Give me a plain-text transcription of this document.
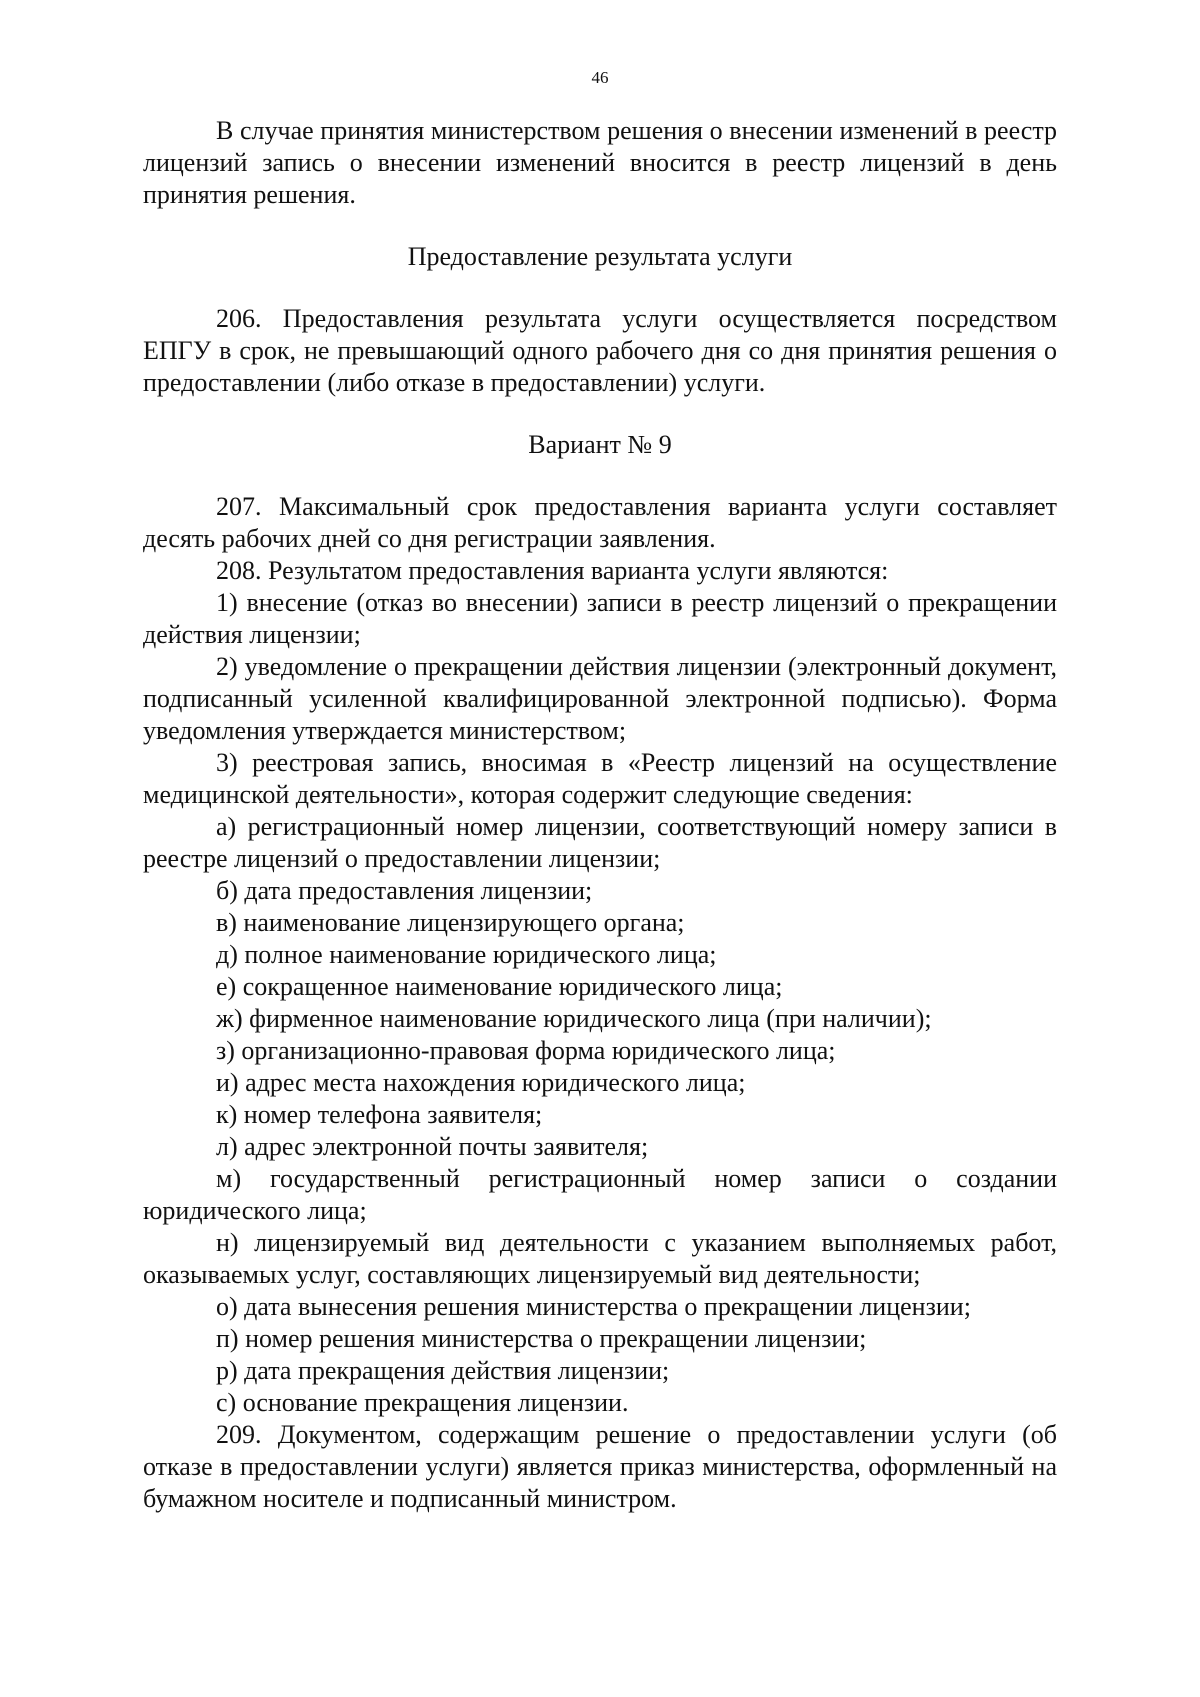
46

В случае принятия министерством решения о внесении изменений в реестр лицензий запись о внесении изменений вносится в реестр лицензий в день принятия решения.

Предоставление результата услуги

206. Предоставления результата услуги осуществляется посредством ЕПГУ в срок, не превышающий одного рабочего дня со дня принятия решения о предоставлении (либо отказе в предоставлении) услуги.

Вариант № 9

207. Максимальный срок предоставления варианта услуги составляет десять рабочих дней со дня регистрации заявления.

208. Результатом предоставления варианта услуги являются:

1) внесение (отказ во внесении) записи в реестр лицензий о прекращении действия лицензии;

2) уведомление о прекращении действия лицензии (электронный документ, подписанный усиленной квалифицированной электронной подписью). Форма уведомления утверждается министерством;

3) реестровая запись, вносимая в «Реестр лицензий на осуществление медицинской деятельности», которая содержит следующие сведения:

а) регистрационный номер лицензии, соответствующий номеру записи в реестре лицензий о предоставлении лицензии;

б) дата предоставления лицензии;

в) наименование лицензирующего органа;

д) полное наименование юридического лица;

е) сокращенное наименование юридического лица;

ж) фирменное наименование юридического лица (при наличии);

з) организационно-правовая форма юридического лица;

и) адрес места нахождения юридического лица;

к) номер телефона заявителя;

л) адрес электронной почты заявителя;

м) государственный регистрационный номер записи о создании юридического лица;

н) лицензируемый вид деятельности с указанием выполняемых работ, оказываемых услуг, составляющих лицензируемый вид деятельности;

о) дата вынесения решения министерства о прекращении лицензии;

п) номер решения министерства о прекращении лицензии;

р) дата прекращения действия лицензии;

с) основание прекращения лицензии.

209. Документом, содержащим решение о предоставлении услуги (об отказе в предоставлении услуги) является приказ министерства, оформленный на бумажном носителе и подписанный министром.
